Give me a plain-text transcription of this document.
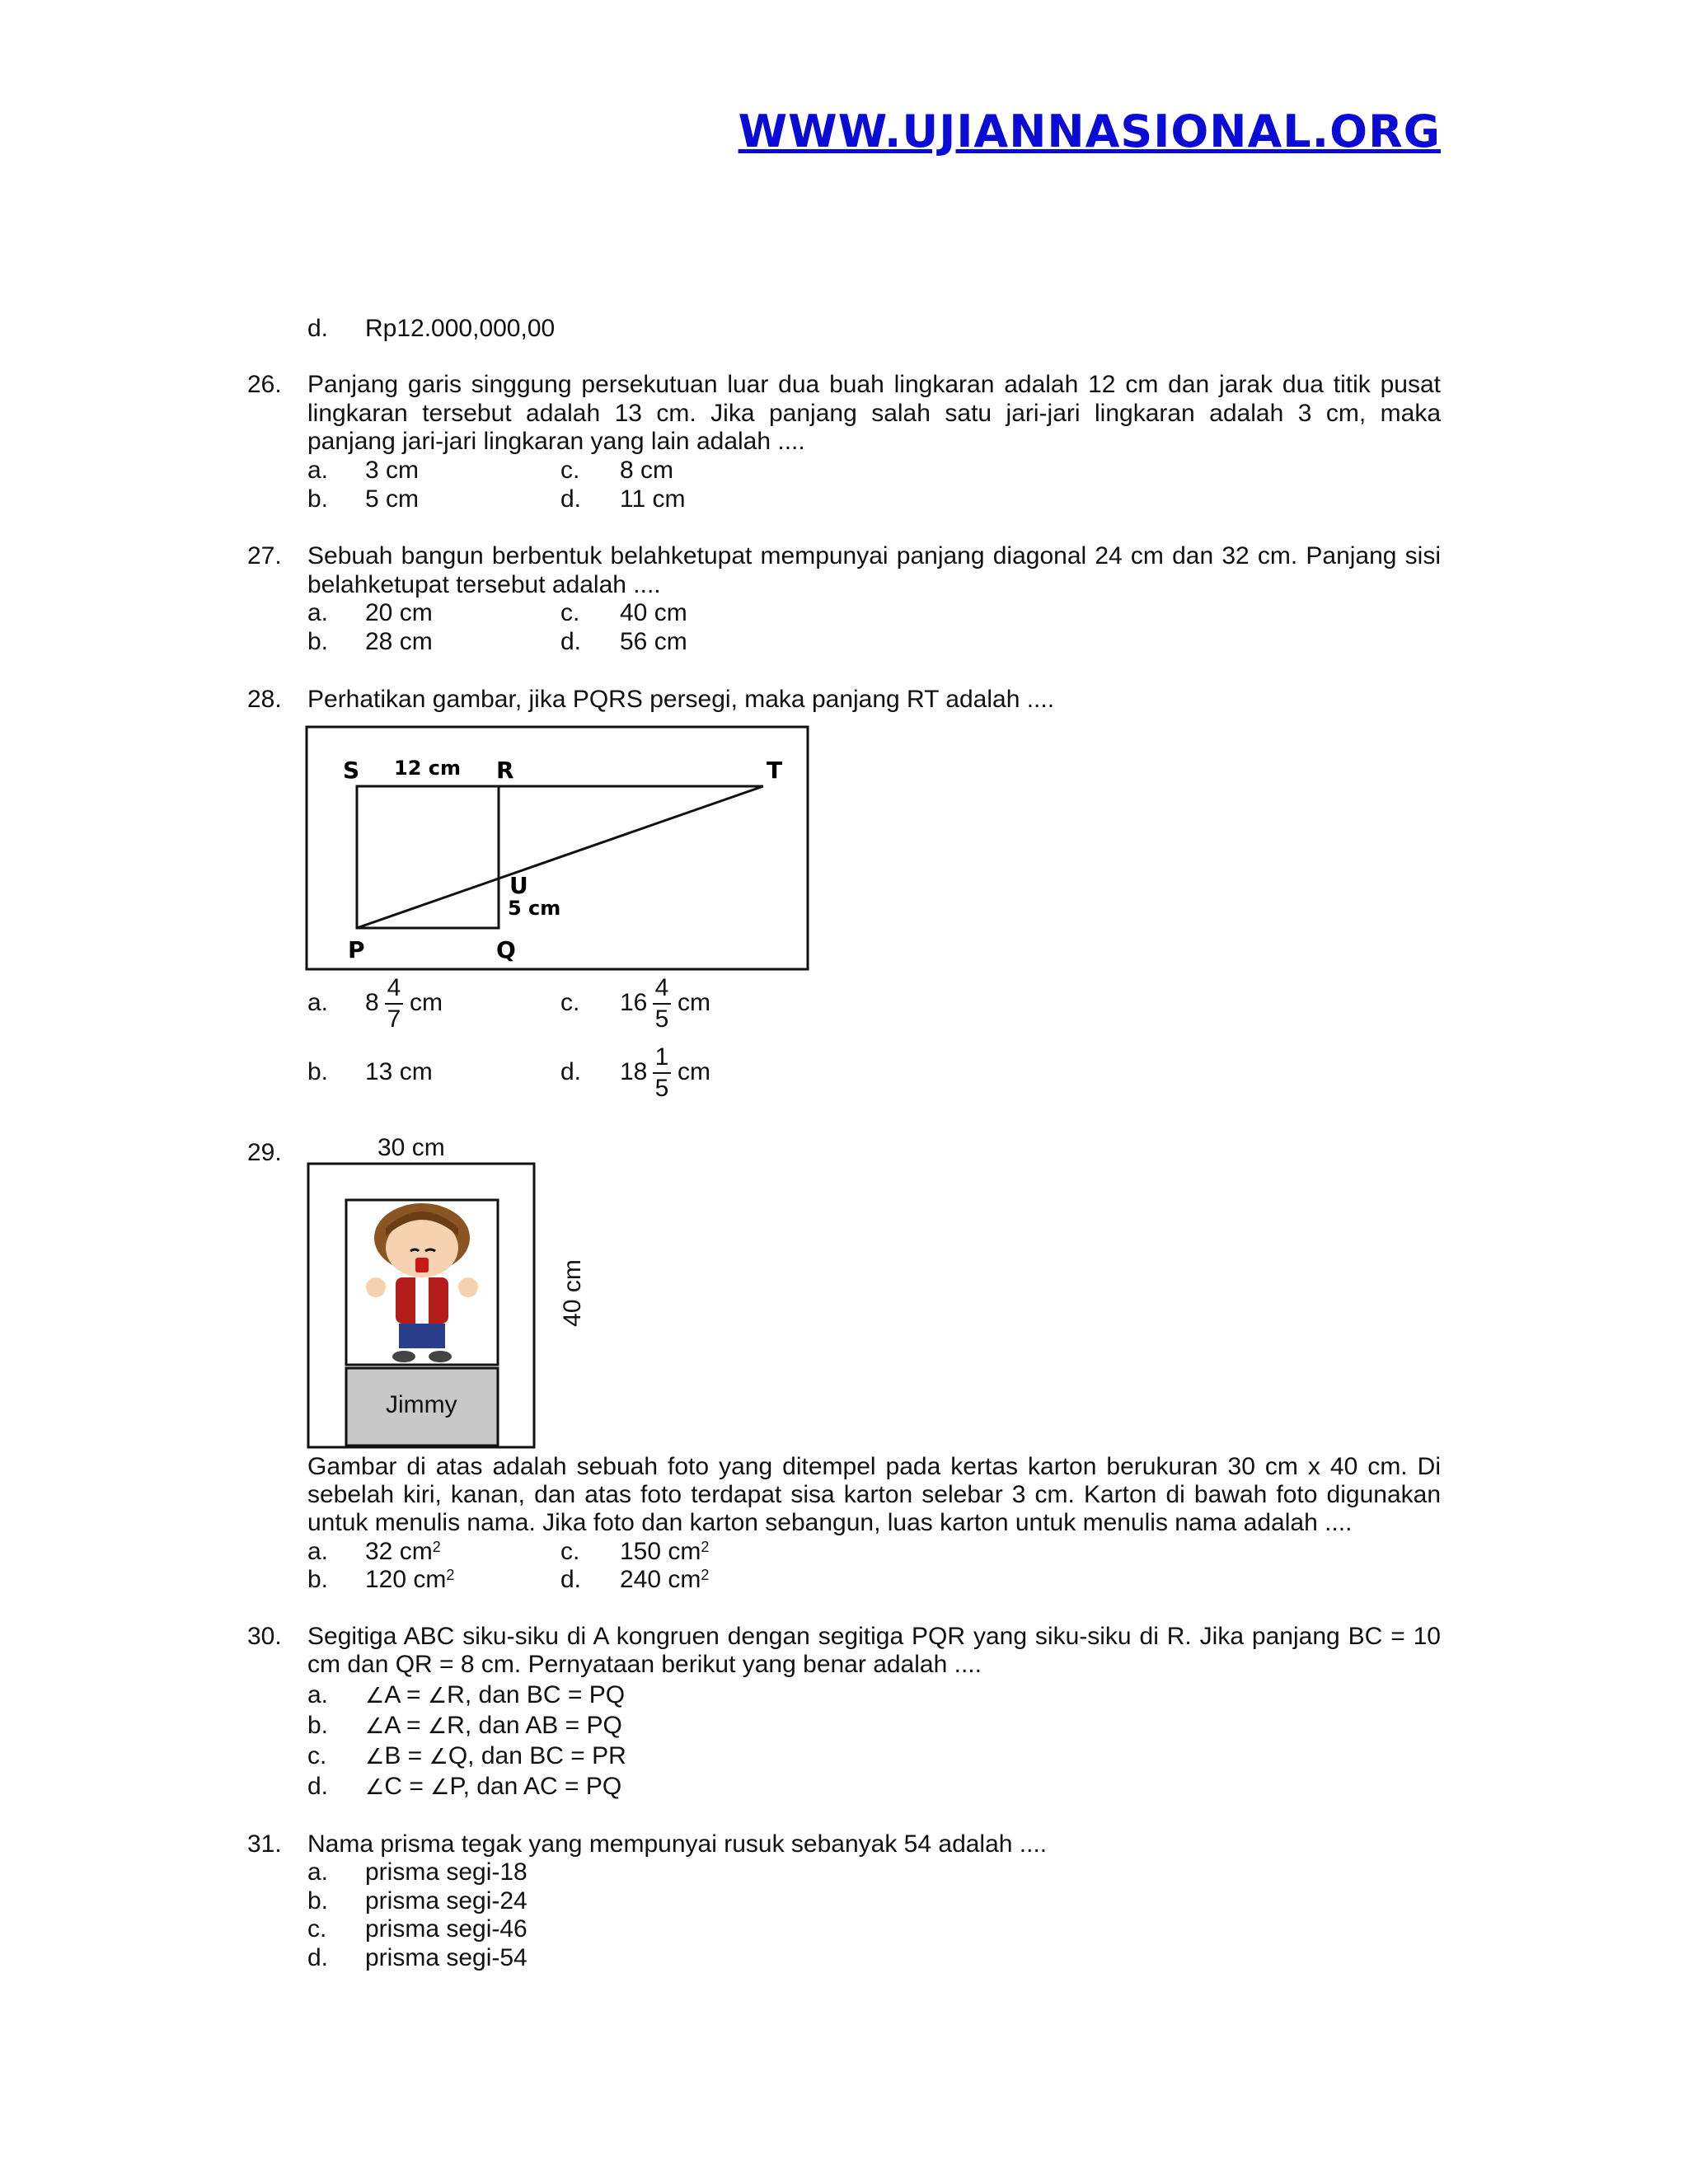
WWW.UJIANNASIONAL.ORG
d. Rp12.000,000,00
26. Panjang garis singgung persekutuan luar dua buah lingkaran adalah 12 cm dan jarak dua titik pusat
lingkaran tersebut adalah 13 cm. Jika panjang salah satu jari-jari lingkaran adalah 3 cm, maka
panjang jari-jari lingkaran yang lain adalah ....
a. 3 cm	c. 8 cm
b. 5 cm	d. 11 cm
27. Sebuah bangun berbentuk belahketupat mempunyai panjang diagonal 24 cm dan 32 cm. Panjang sisi
belahketupat tersebut adalah ....
a. 20 cm	c. 40 cm
b. 28 cm	d. 56 cm
28. Perhatikan gambar, jika PQRS persegi, maka panjang RT adalah ....
S 12 cm R	T
U
5 cm
P	Q
a. 8
4
7
cm	c. 16
4
5
cm
b. 13 cm	d. 18
1
5
cm
29.	30 cm
Jimmy
40 cm
Gambar di atas adalah sebuah foto yang ditempel pada kertas karton berukuran 30 cm x 40 cm. Di
sebelah kiri, kanan, dan atas foto terdapat sisa karton selebar 3 cm. Karton di bawah foto digunakan
untuk menulis nama. Jika foto dan karton sebangun, luas karton untuk menulis nama adalah ....
a. 32 $cm^2$	c. 150 $cm^2$
b. 120 $cm^2$	d. 240 $cm^2$
30. Segitiga ABC siku-siku di A kongruen dengan segitiga PQR yang siku-siku di R. Jika panjang BC = 10
cm dan QR = 8 cm. Pernyataan berikut yang benar adalah ....
a. ∠A = ∠R, dan BC = PQ
b. ∠A = ∠R, dan AB = PQ
c. ∠B = ∠Q, dan BC = PR
d. ∠C = ∠P, dan AC = PQ
31. Nama prisma tegak yang mempunyai rusuk sebanyak 54 adalah ....
a. prisma segi-18
b. prisma segi-24
c. prisma segi-46
d. prisma segi-54
